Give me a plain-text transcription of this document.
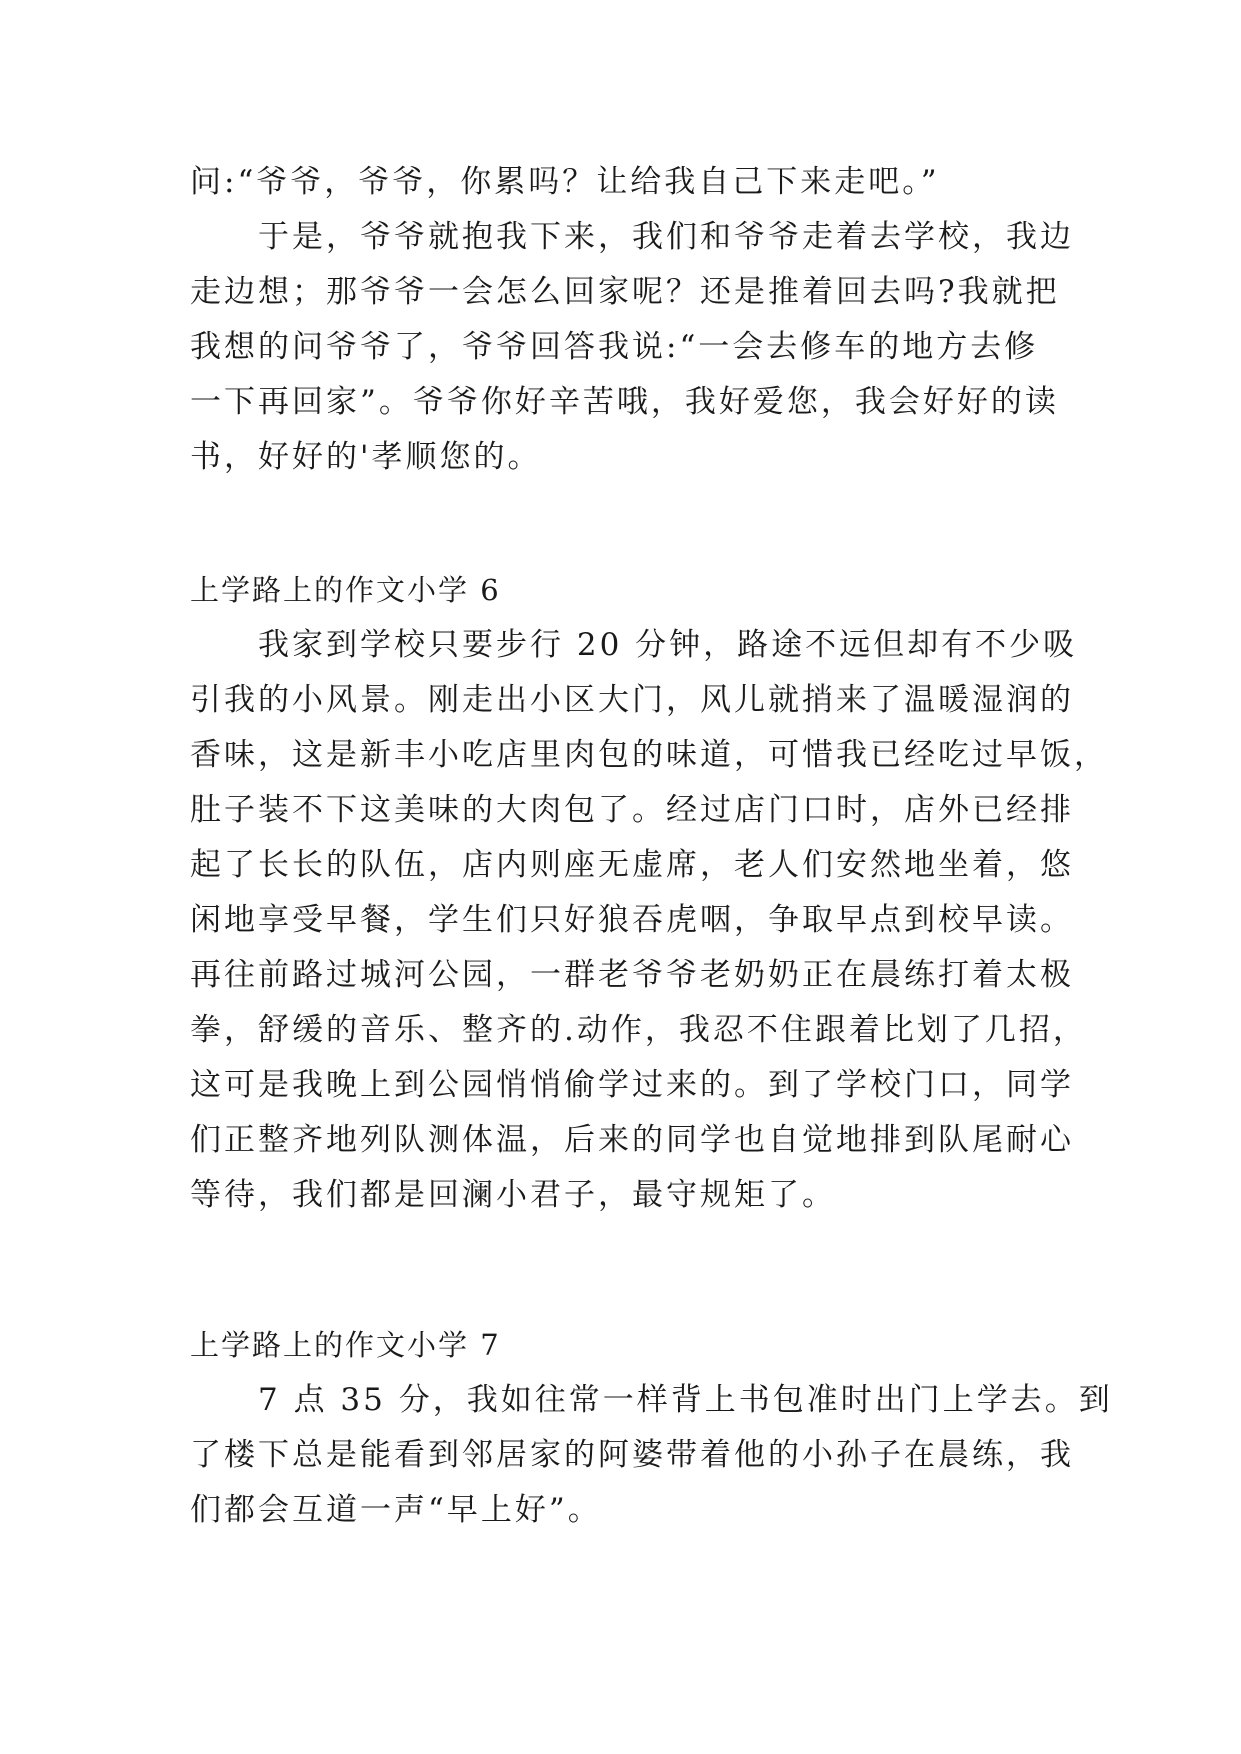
问:“爷爷，爷爷，你累吗？让给我自己下来走吧。”
　　于是，爷爷就抱我下来，我们和爷爷走着去学校，我边
走边想；那爷爷一会怎么回家呢？还是推着回去吗?我就把
我想的问爷爷了，爷爷回答我说:“一会去修车的地方去修
一下再回家”。爷爷你好辛苦哦，我好爱您，我会好好的读
书，好好的'孝顺您的。
上学路上的作文小学 6
　　我家到学校只要步行 20 分钟，路途不远但却有不少吸
引我的小风景。刚走出小区大门，风儿就捎来了温暖湿润的
香味，这是新丰小吃店里肉包的味道，可惜我已经吃过早饭，
肚子装不下这美味的大肉包了。经过店门口时，店外已经排
起了长长的队伍，店内则座无虚席，老人们安然地坐着，悠
闲地享受早餐，学生们只好狼吞虎咽，争取早点到校早读。
再往前路过城河公园，一群老爷爷老奶奶正在晨练打着太极
拳，舒缓的音乐、整齐的.动作，我忍不住跟着比划了几招，
这可是我晚上到公园悄悄偷学过来的。到了学校门口，同学
们正整齐地列队测体温，后来的同学也自觉地排到队尾耐心
等待，我们都是回澜小君子，最守规矩了。
上学路上的作文小学 7
　　7 点 35 分，我如往常一样背上书包准时出门上学去。到
了楼下总是能看到邻居家的阿婆带着他的小孙子在晨练，我
们都会互道一声“早上好”。
